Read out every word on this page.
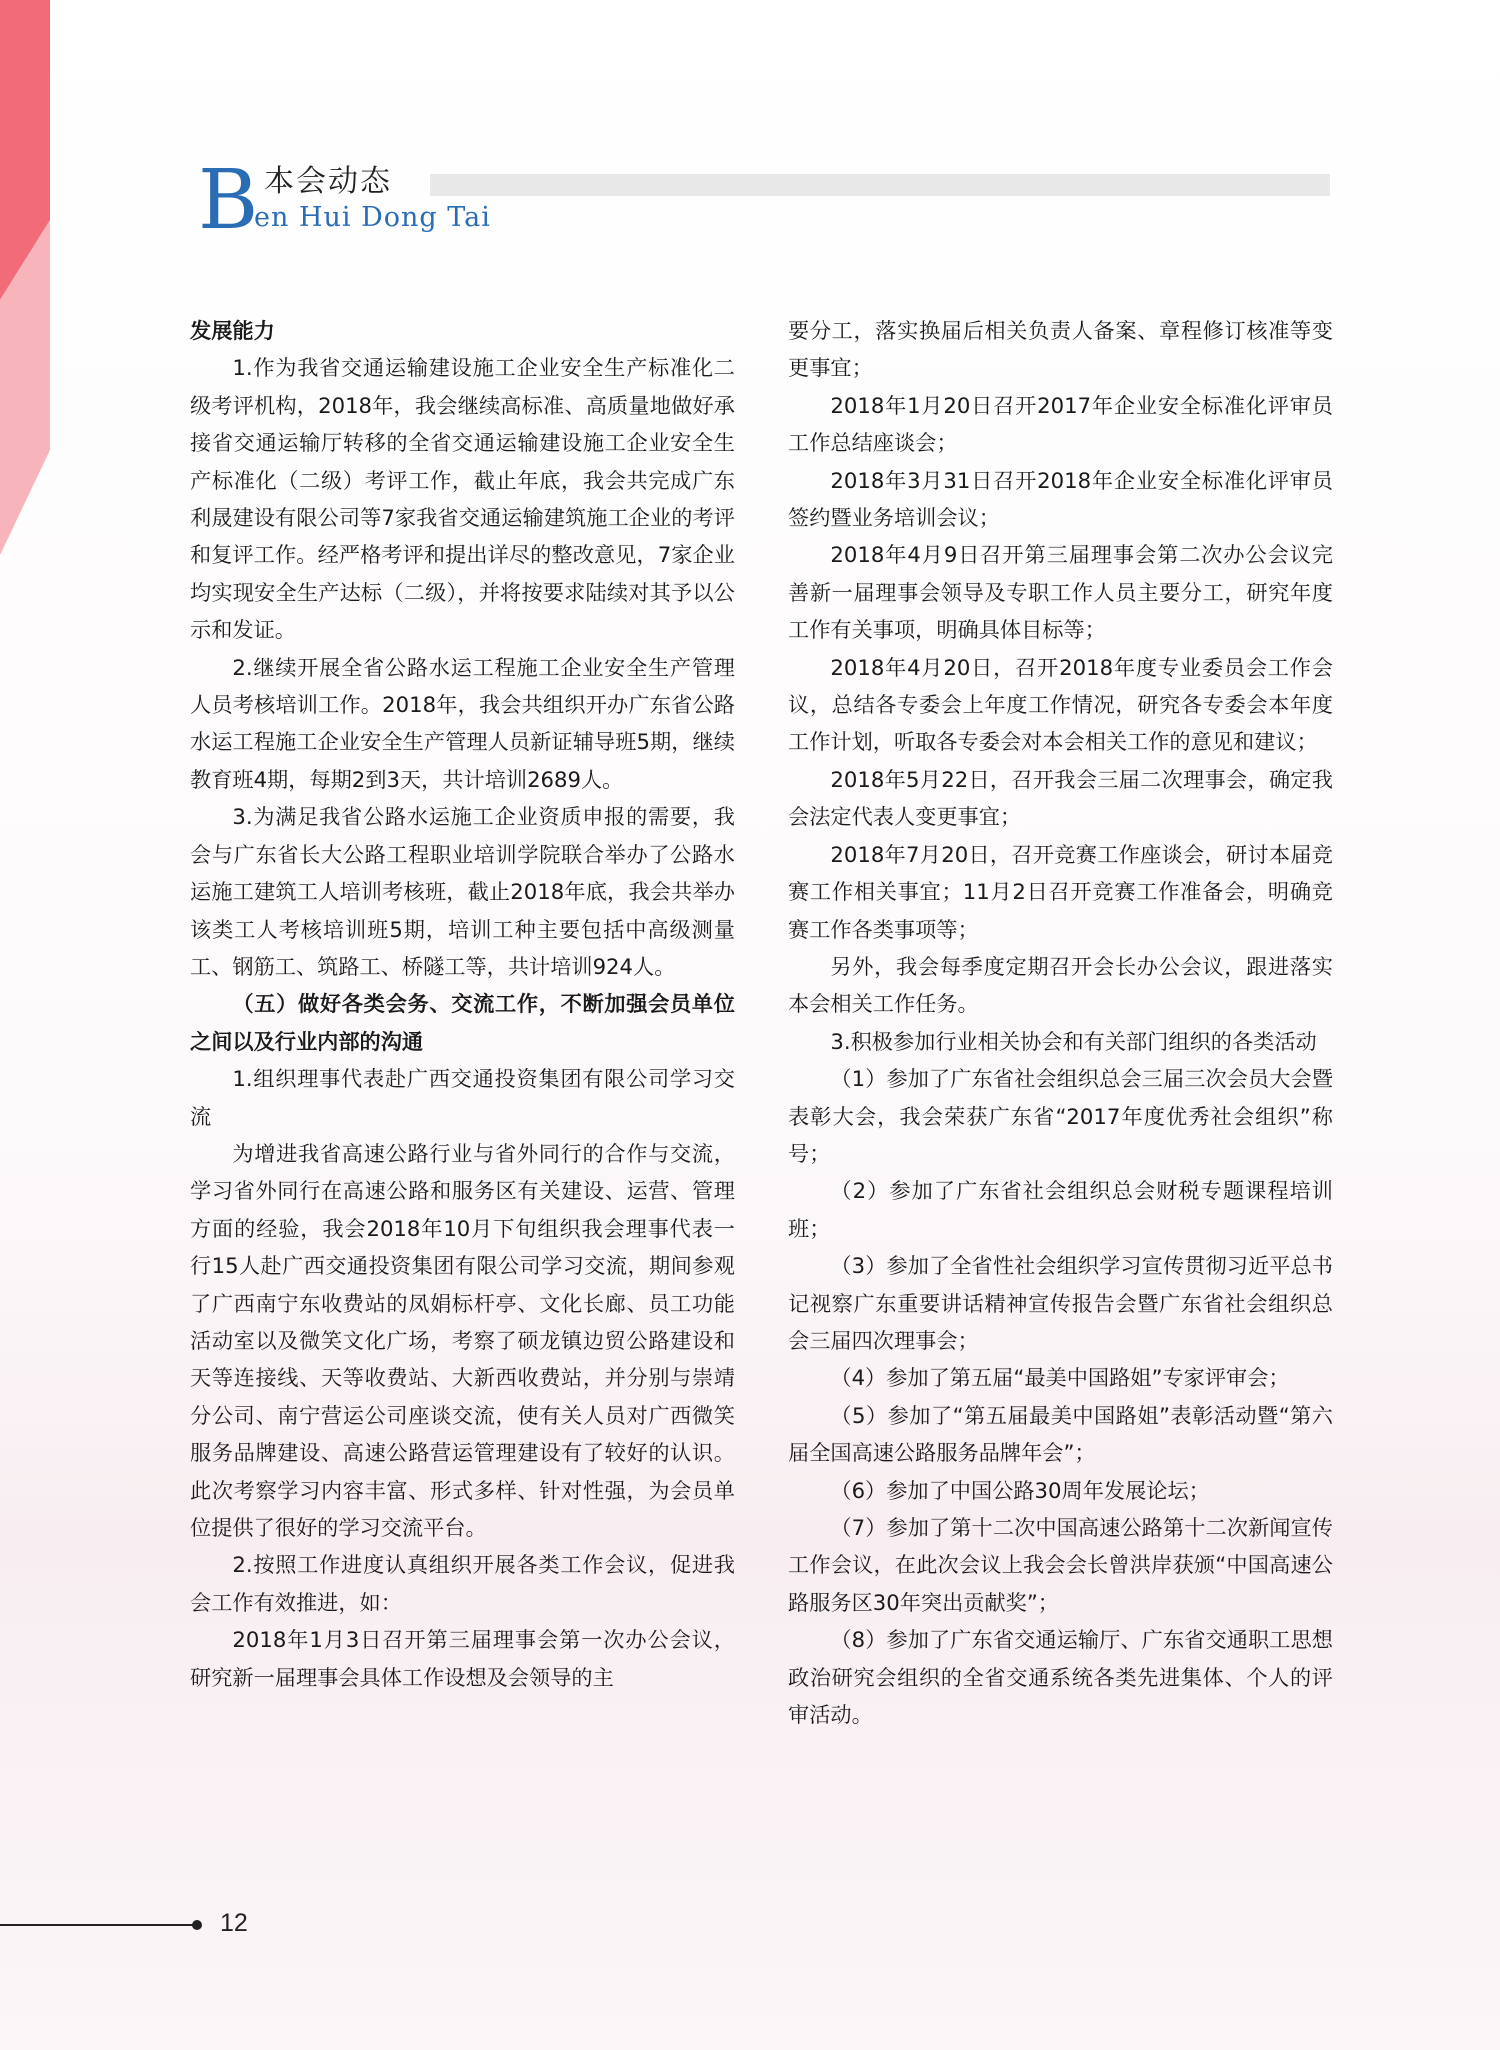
B 本会动态
en Hui Dong Tai

发展能力

1.作为我省交通运输建设施工企业安全生产标准化二级考评机构，2018年，我会继续高标准、高质量地做好承接省交通运输厅转移的全省交通运输建设施工企业安全生产标准化（二级）考评工作，截止年底，我会共完成广东利晟建设有限公司等7家我省交通运输建筑施工企业的考评和复评工作。经严格考评和提出详尽的整改意见，7家企业均实现安全生产达标（二级），并将按要求陆续对其予以公示和发证。

2.继续开展全省公路水运工程施工企业安全生产管理人员考核培训工作。2018年，我会共组织开办广东省公路水运工程施工企业安全生产管理人员新证辅导班5期，继续教育班4期，每期2到3天，共计培训2689人。

3.为满足我省公路水运施工企业资质申报的需要，我会与广东省长大公路工程职业培训学院联合举办了公路水运施工建筑工人培训考核班，截止2018年底，我会共举办该类工人考核培训班5期，培训工种主要包括中高级测量工、钢筋工、筑路工、桥隧工等，共计培训924人。

（五）做好各类会务、交流工作，不断加强会员单位之间以及行业内部的沟通

1.组织理事代表赴广西交通投资集团有限公司学习交流

为增进我省高速公路行业与省外同行的合作与交流，学习省外同行在高速公路和服务区有关建设、运营、管理方面的经验，我会2018年10月下旬组织我会理事代表一行15人赴广西交通投资集团有限公司学习交流，期间参观了广西南宁东收费站的凤娟标杆亭、文化长廊、员工功能活动室以及微笑文化广场，考察了硕龙镇边贸公路建设和天等连接线、天等收费站、大新西收费站，并分别与崇靖分公司、南宁营运公司座谈交流，使有关人员对广西微笑服务品牌建设、高速公路营运管理建设有了较好的认识。此次考察学习内容丰富、形式多样、针对性强，为会员单位提供了很好的学习交流平台。

2.按照工作进度认真组织开展各类工作会议，促进我会工作有效推进，如：

2018年1月3日召开第三届理事会第一次办公会议，研究新一届理事会具体工作设想及会领导的主

要分工，落实换届后相关负责人备案、章程修订核准等变更事宜；

2018年1月20日召开2017年企业安全标准化评审员工作总结座谈会；

2018年3月31日召开2018年企业安全标准化评审员签约暨业务培训会议；

2018年4月9日召开第三届理事会第二次办公会议完善新一届理事会领导及专职工作人员主要分工，研究年度工作有关事项，明确具体目标等；

2018年4月20日，召开2018年度专业委员会工作会议，总结各专委会上年度工作情况，研究各专委会本年度工作计划，听取各专委会对本会相关工作的意见和建议；

2018年5月22日，召开我会三届二次理事会，确定我会法定代表人变更事宜；

2018年7月20日，召开竞赛工作座谈会，研讨本届竞赛工作相关事宜；11月2日召开竞赛工作准备会，明确竞赛工作各类事项等；

另外，我会每季度定期召开会长办公会议，跟进落实本会相关工作任务。

3.积极参加行业相关协会和有关部门组织的各类活动

（1）参加了广东省社会组织总会三届三次会员大会暨表彰大会，我会荣获广东省“2017年度优秀社会组织”称号；

（2）参加了广东省社会组织总会财税专题课程培训班；

（3）参加了全省性社会组织学习宣传贯彻习近平总书记视察广东重要讲话精神宣传报告会暨广东省社会组织总会三届四次理事会；

（4）参加了第五届“最美中国路姐”专家评审会；

（5）参加了“第五届最美中国路姐”表彰活动暨“第六届全国高速公路服务品牌年会”；

（6）参加了中国公路30周年发展论坛；

（7）参加了第十二次中国高速公路第十二次新闻宣传工作会议，在此次会议上我会会长曾洪岸获颁“中国高速公路服务区30年突出贡献奖”；

（8）参加了广东省交通运输厅、广东省交通职工思想政治研究会组织的全省交通系统各类先进集体、个人的评审活动。

12
